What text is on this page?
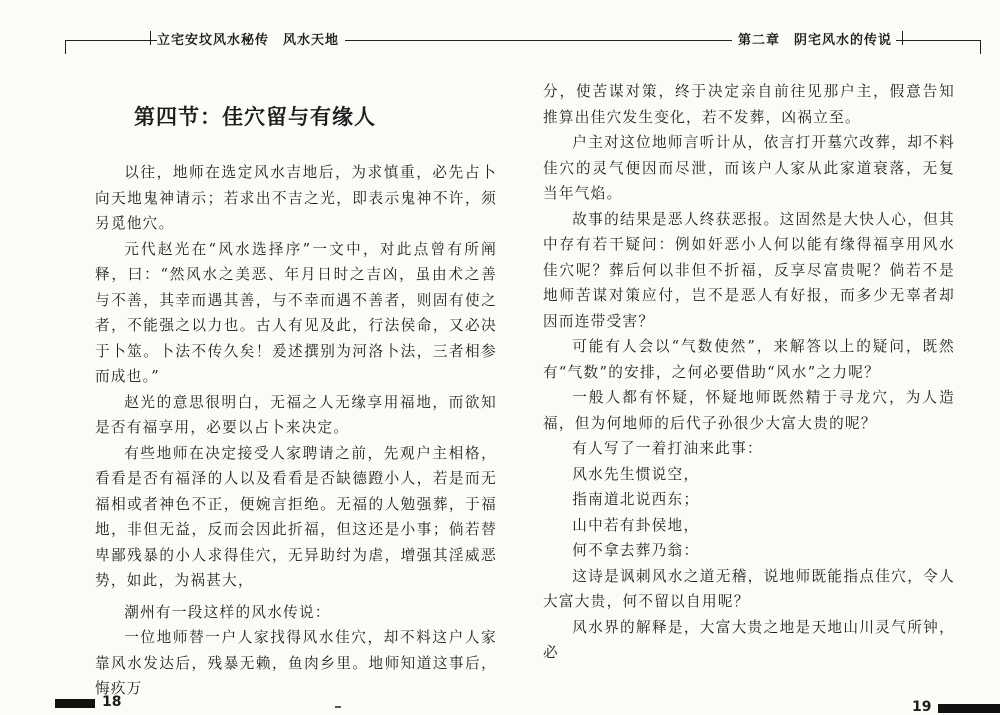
立宅安坟风水秘传　风水天地
第四节：佳穴留与有缘人

以往，地师在选定风水吉地后，为求慎重，必先占卜向天地鬼神请示；若求出不吉之光，即表示鬼神不许，须另觅他穴。

元代赵光在“风水选择序”一文中，对此点曾有所阐释，曰：“然风水之美恶、年月日时之吉凶，虽由术之善与不善，其幸而遇其善，与不幸而遇不善者，则固有使之者，不能强之以力也。古人有见及此，行法侯命，又必决于卜筮。卜法不传久矣！爰述撰别为河洛卜法，三者相参而成也。”

赵光的意思很明白，无福之人无缘享用福地，而欲知是否有福享用，必要以占卜来决定。

有些地师在决定接受人家聘请之前，先观户主相格，看看是否有福泽的人以及看看是否缺德蹬小人，若是而无福相或者神色不正，便婉言拒绝。无福的人勉强葬，于福地，非但无益，反而会因此折福，但这还是小事；倘若替卑鄙残暴的小人求得佳穴，无异助纣为虐，增强其淫威恶势，如此，为祸甚大，

潮州有一段这样的风水传说：

一位地师替一户人家找得风水佳穴，却不料这户人家靠风水发达后，残暴无赖，鱼肉乡里。地师知道这事后，悔疚万

18
第二章　阴宅风水的传说

分，使苦谋对策，终于决定亲自前往见那户主，假意告知推算出佳穴发生变化，若不发葬，凶祸立至。

户主对这位地师言听计从，依言打开墓穴改葬，却不料佳穴的灵气便因而尽泄，而该户人家从此家道衰落，无复当年气焰。

故事的结果是恶人终获恶报。这固然是大快人心，但其中存有若干疑问：例如奸恶小人何以能有缘得福享用风水佳穴呢？葬后何以非但不折福，反享尽富贵呢？倘若不是地师苦谋对策应付，岂不是恶人有好报，而多少无辜者却因而连带受害？

可能有人会以“气数使然”，来解答以上的疑问，既然有“气数”的安排，之何必要借助“风水”之力呢？

一般人都有怀疑，怀疑地师既然精于寻龙穴，为人造福，但为何地师的后代子孙很少大富大贵的呢？

有人写了一着打油来此事：

风水先生惯说空，

指南道北说西东；

山中若有卦侯地，

何不拿去葬乃翁：

这诗是讽刺风水之道无稽，说地师既能指点佳穴，令人大富大贵，何不留以自用呢？

风水界的解释是，大富大贵之地是天地山川灵气所钟，必

19
